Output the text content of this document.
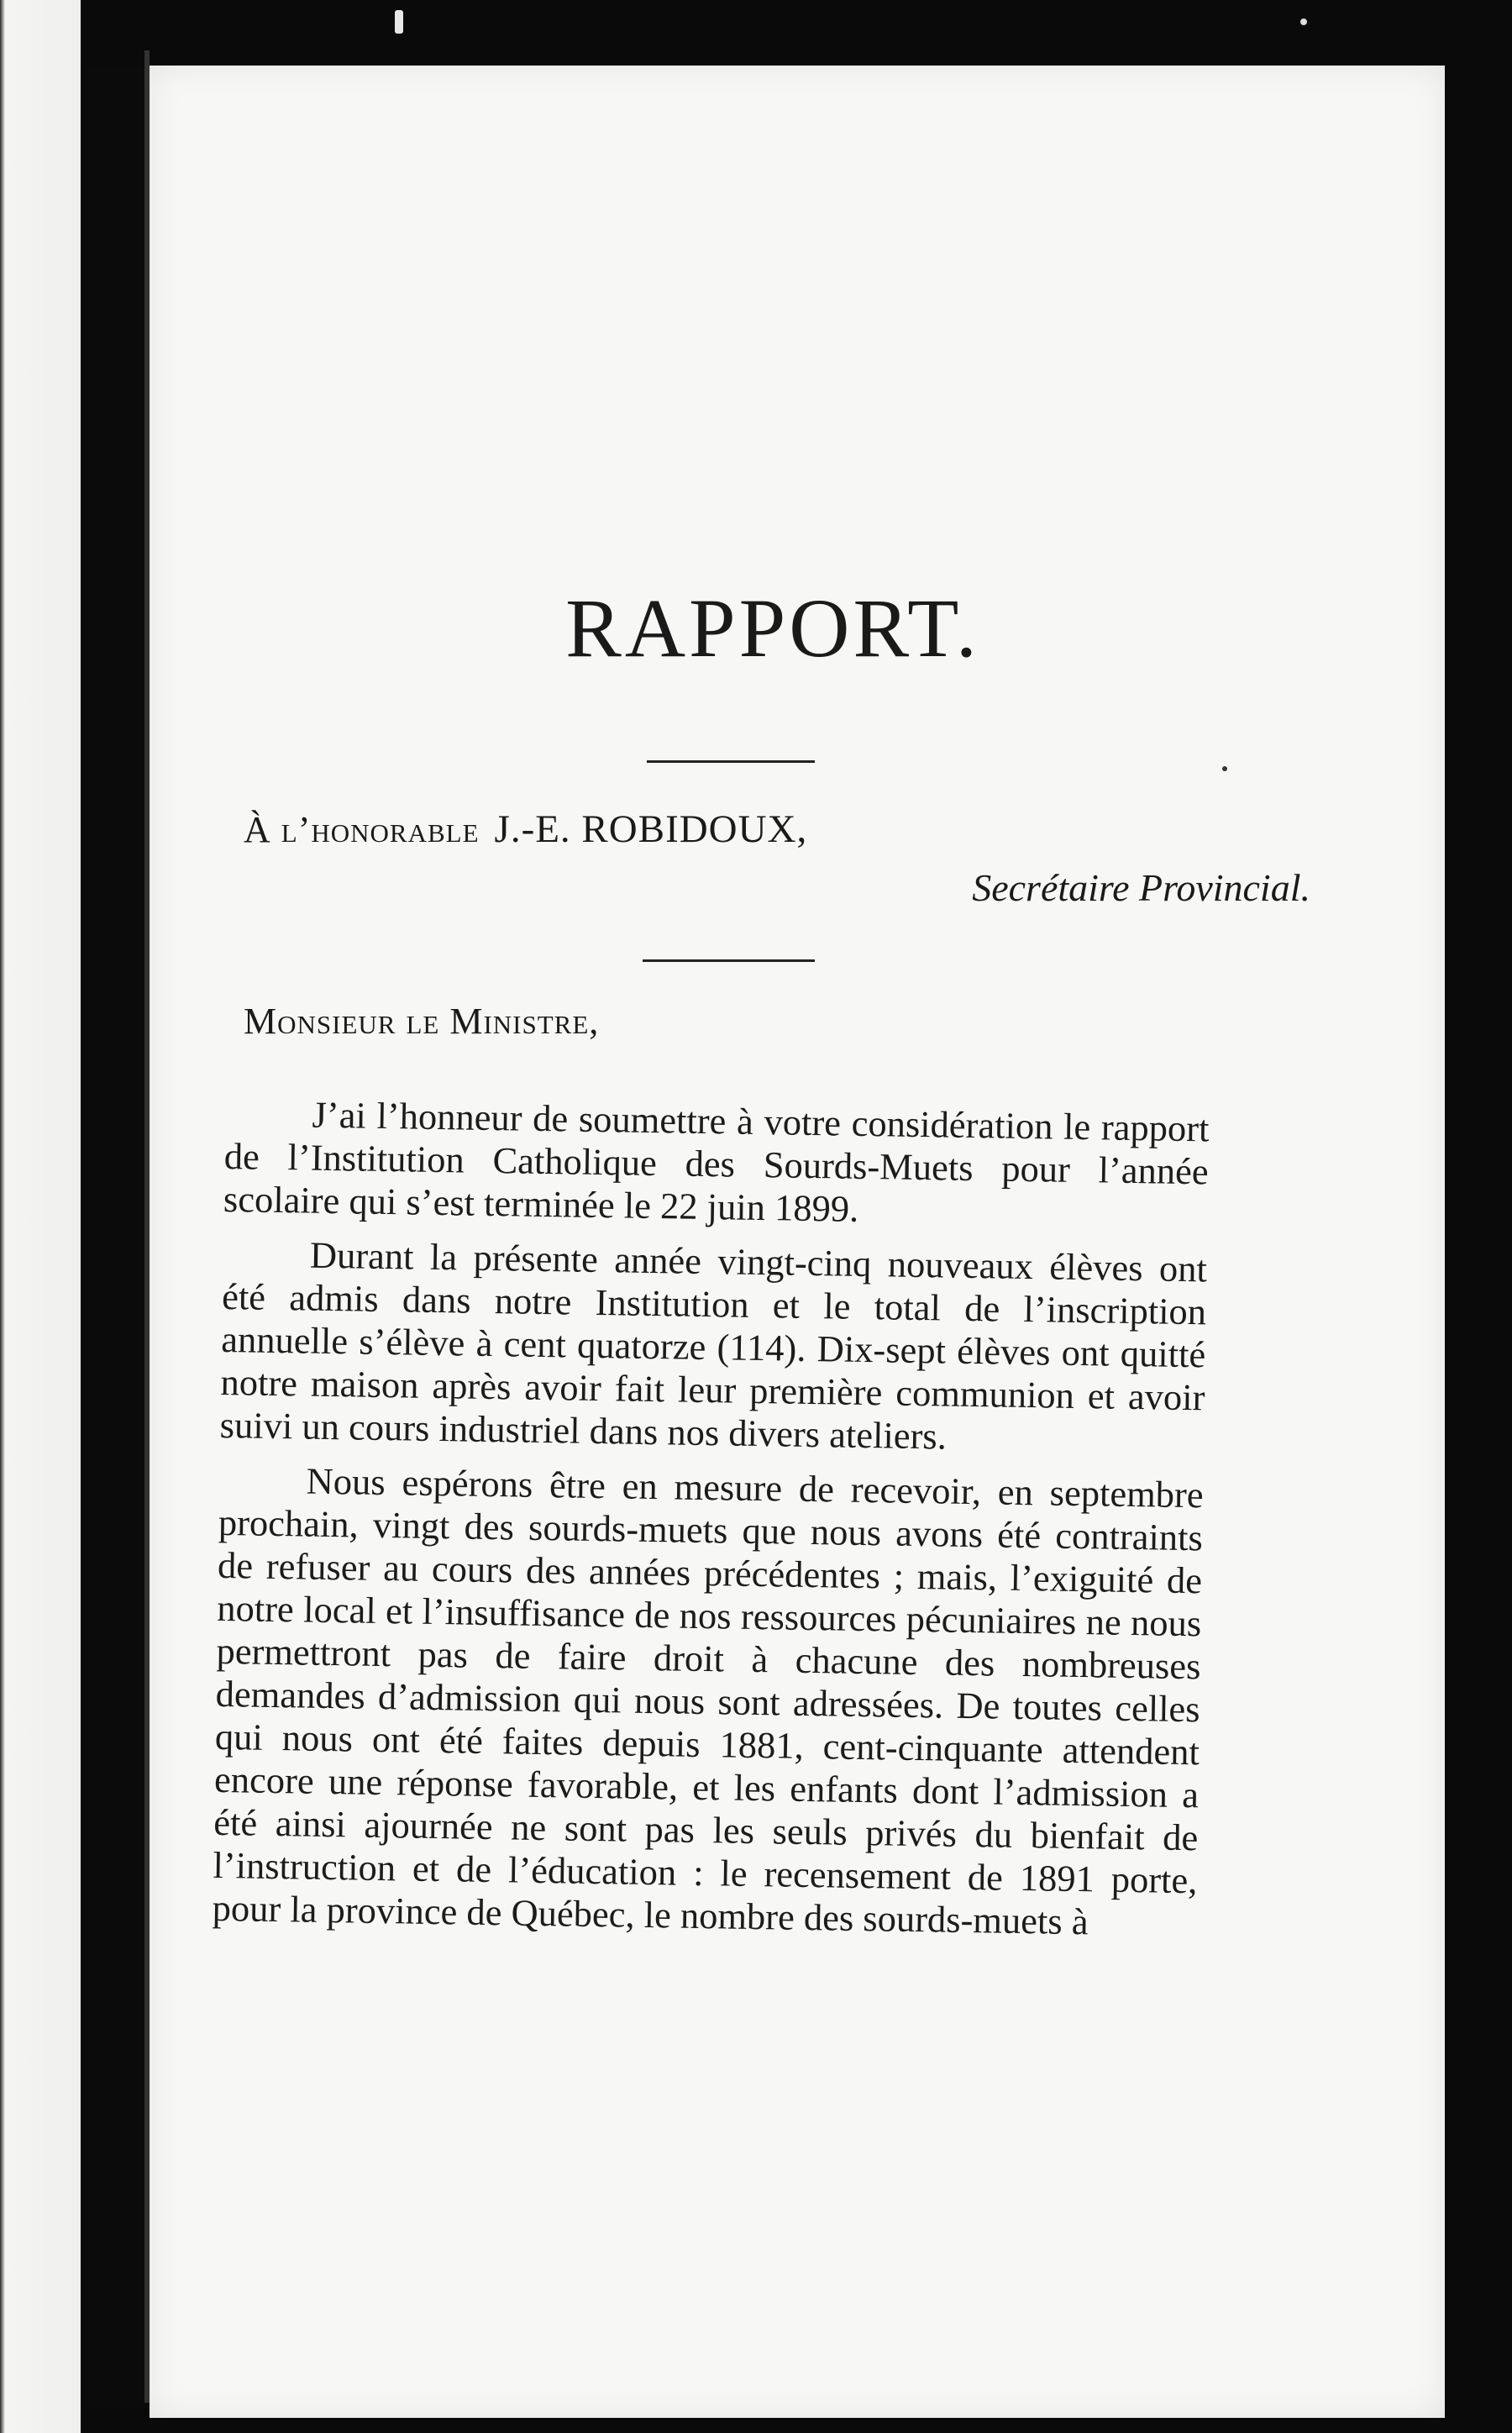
RAPPORT.
À l’honorable J.-E. ROBIDOUX,
Secrétaire Provincial.
Monsieur le Ministre,

J’ai l’honneur de soumettre à votre considération le rapport de l’Institution Catholique des Sourds-Muets pour l’année scolaire qui s’est terminée le 22 juin 1899.

Durant la présente année vingt-cinq nouveaux élèves ont été admis dans notre Institution et le total de l’inscription annuelle s’élève à cent quatorze (114). Dix-sept élèves ont quitté notre maison après avoir fait leur première communion et avoir suivi un cours industriel dans nos divers ateliers.

Nous espérons être en mesure de recevoir, en septembre prochain, vingt des sourds-muets que nous avons été contraints de refuser au cours des années précédentes ; mais, l’exiguité de notre local et l’insuffisance de nos ressources pécuniaires ne nous permettront pas de faire droit à chacune des nombreuses demandes d’admission qui nous sont adressées. De toutes celles qui nous ont été faites depuis 1881, cent-cinquante attendent encore une réponse favorable, et les enfants dont l’admission a été ainsi ajournée ne sont pas les seuls privés du bienfait de l’instruction et de l’éducation : le recensement de 1891 porte, pour la province de Québec, le nombre des sourds-muets à
